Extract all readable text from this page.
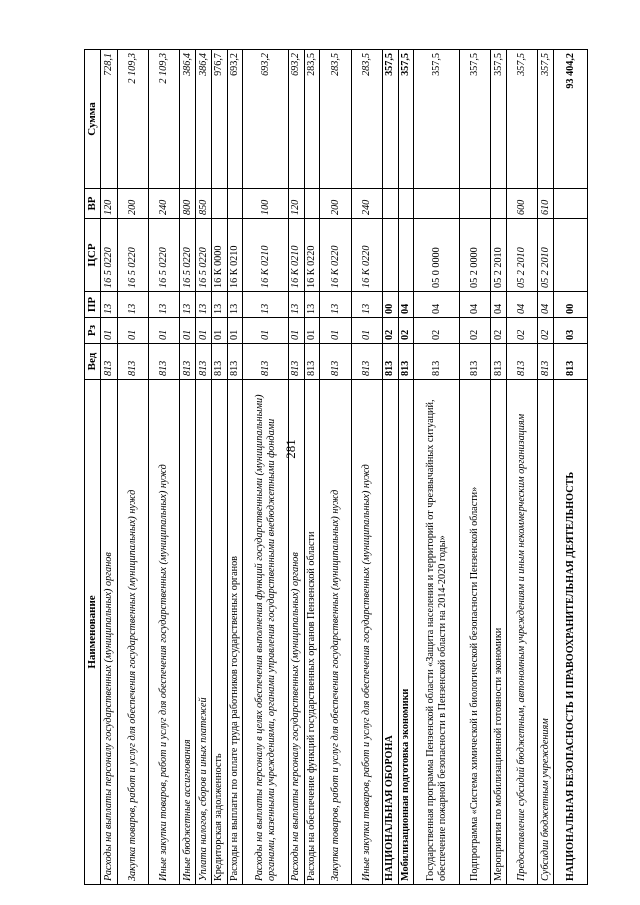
281
Наименование	Вед	Рз	ПР	ЦСР	ВР	Сумма
Расходы на выплаты персоналу государственных (муниципальных) органов	813	01	13	16 5 0220	120	728,1
Закупка товаров, работ и услуг для обеспечения государственных (муниципальных) нужд	813	01	13	16 5 0220	200	2 109,3
Иные закупки товаров, работ и услуг для обеспечения государственных (муниципальных) нужд	813	01	13	16 5 0220	240	2 109,3
Иные бюджетные ассигнования	813	01	13	16 5 0220	800	386,4
Уплата налогов, сборов и иных платежей	813	01	13	16 5 0220	850	386,4
Кредиторская задолженность	813	01	13	16 К 0000		976,7
Расходы на выплаты по оплате труда работников государственных органов	813	01	13	16 К 0210		693,2
Расходы на выплаты персоналу в целях обеспечения выполнения функций государственными (муниципальными) органами, казенными учреждениями, органами управления государственными внебюджетными фондами	813	01	13	16 К 0210	100	693,2
Расходы на выплаты персоналу государственных (муниципальных) органов	813	01	13	16 К 0210	120	693,2
Расходы на обеспечение функций государственных органов Пензенской области	813	01	13	16 К 0220		283,5
Закупка товаров, работ и услуг для обеспечения государственных (муниципальных) нужд	813	01	13	16 К 0220	200	283,5
Иные закупки товаров, работ и услуг для обеспечения государственных (муниципальных) нужд	813	01	13	16 К 0220	240	283,5
НАЦИОНАЛЬНАЯ ОБОРОНА	813	02	00			357,5
Мобилизационная подготовка экономики	813	02	04			357,5
Государственная программа Пензенской области «Защита населения и территорий от чрезвычайных ситуаций, обеспечение пожарной безопасности в Пензенской области на 2014-2020 годы»	813	02	04	05 0 0000		357,5
Подпрограмма «Система химической и биологической безопасности Пензенской области»	813	02	04	05 2 0000		357,5
Мероприятия по мобилизационной готовности экономики	813	02	04	05 2 2010		357,5
Предоставление субсидий бюджетным, автономным учреждениям и иным некоммерческим организациям	813	02	04	05 2 2010	600	357,5
Субсидии бюджетным учреждениям	813	02	04	05 2 2010	610	357,5
НАЦИОНАЛЬНАЯ БЕЗОПАСНОСТЬ И ПРАВООХРАНИТЕЛЬНАЯ ДЕЯТЕЛЬНОСТЬ	813	03	00			93 404,2
